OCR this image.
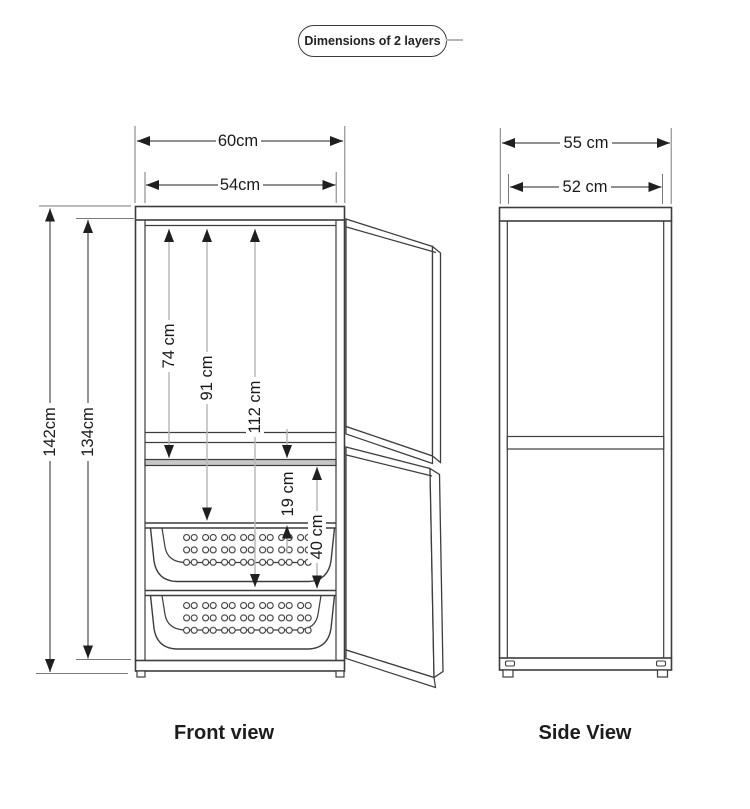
Dimensions of 2 layers
60cm
54cm
55 cm
52 cm
142cm 134cm
74 cm
91 cm
112 cm
19 cm
40 cm
Front view	Side View
